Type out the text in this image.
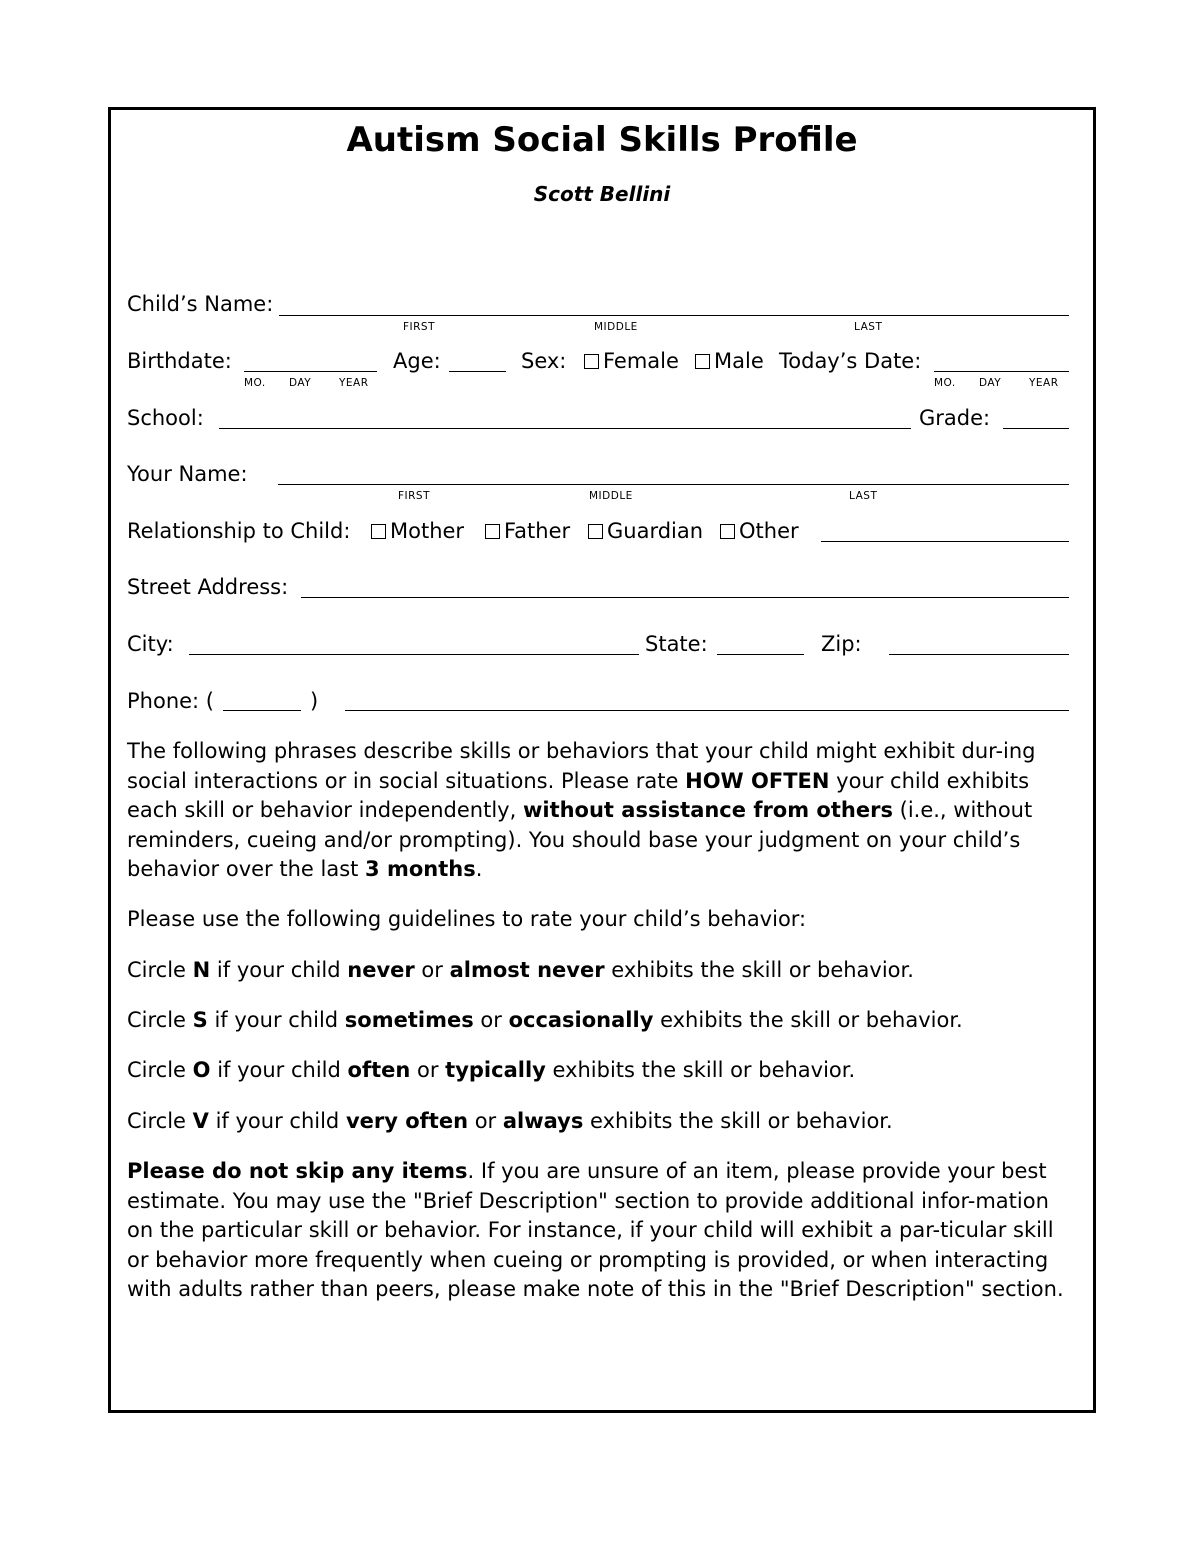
Autism Social Skills Profile
Scott Bellini
Child’s Name:
FIRST	MIDDLE	LAST
Birthdate:
MO. DAY	YEAR
Age:	Sex:	Female	Male Today’s Date:
MO. DAY	YEAR
School:	Grade:
Your Name:
FIRST	MIDDLE	LAST
Relationship to Child:	Mother	Father	Guardian	Other
Street Address:
City:	State:	Zip:
Phone: (	)
The following phrases describe skills or behaviors that your child might exhibit dur-ing social interactions or in social situations. Please rate HOW OFTEN your child exhibits each skill or behavior independently, without assistance from others (i.e., without reminders, cueing and/or prompting). You should base your judgment on your child’s behavior over the last 3 months.
Please use the following guidelines to rate your child’s behavior:
Circle N if your child never or almost never exhibits the skill or behavior.
Circle S if your child sometimes or occasionally exhibits the skill or behavior.
Circle O if your child often or typically exhibits the skill or behavior.
Circle V if your child very often or always exhibits the skill or behavior.
Please do not skip any items. If you are unsure of an item, please provide your best estimate. You may use the "Brief Description" section to provide additional infor-mation on the particular skill or behavior. For instance, if your child will exhibit a par-ticular skill or behavior more frequently when cueing or prompting is provided, or when interacting with adults rather than peers, please make note of this in the "Brief Description" section.
